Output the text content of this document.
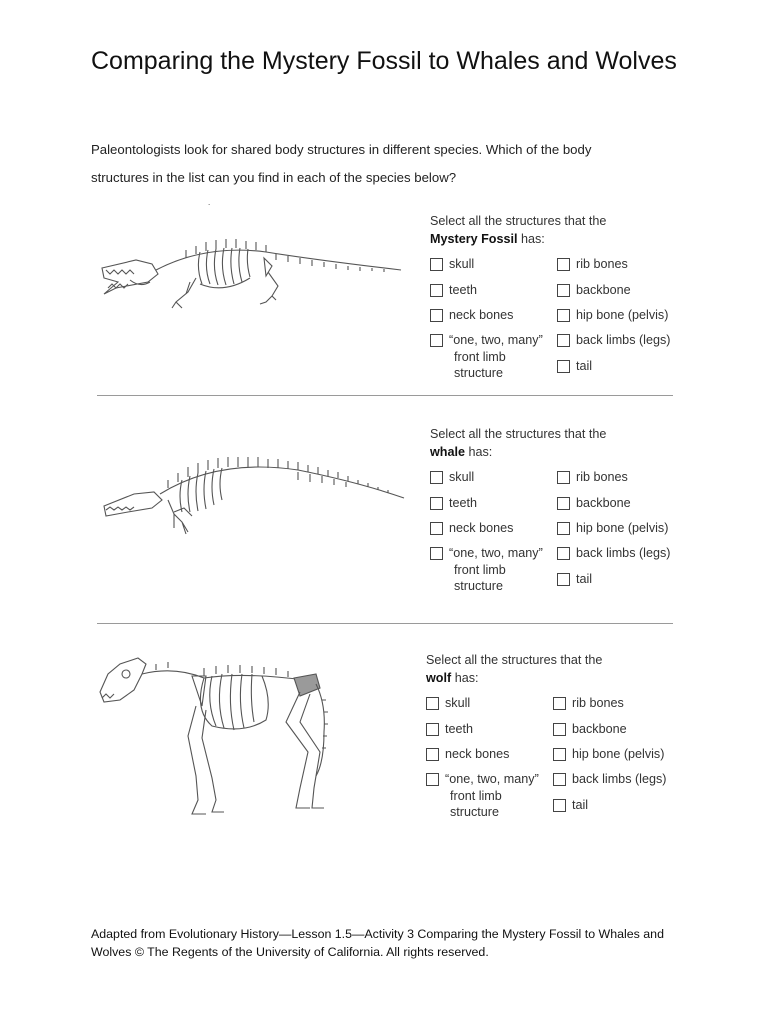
Comparing the Mystery Fossil to Whales and Wolves
Paleontologists look for shared body structures in different species. Which of the body structures in the list can you find in each of the species below?
.
Select all the structures that the
Mystery Fossil has:
skull
teeth
neck bones
“one, two, many”
front limb
structure
rib bones
backbone
hip bone (pelvis)
back limbs (legs)
tail
Select all the structures that the
whale has:
skull
teeth
neck bones
“one, two, many”
front limb
structure
rib bones
backbone
hip bone (pelvis)
back limbs (legs)
tail
Select all the structures that the
wolf has:
skull
teeth
neck bones
“one, two, many”
front limb
structure
rib bones
backbone
hip bone (pelvis)
back limbs (legs)
tail
Adapted from Evolutionary History—Lesson 1.5—Activity 3 Comparing the Mystery Fossil to Whales and Wolves © The Regents of the University of California. All rights reserved.
